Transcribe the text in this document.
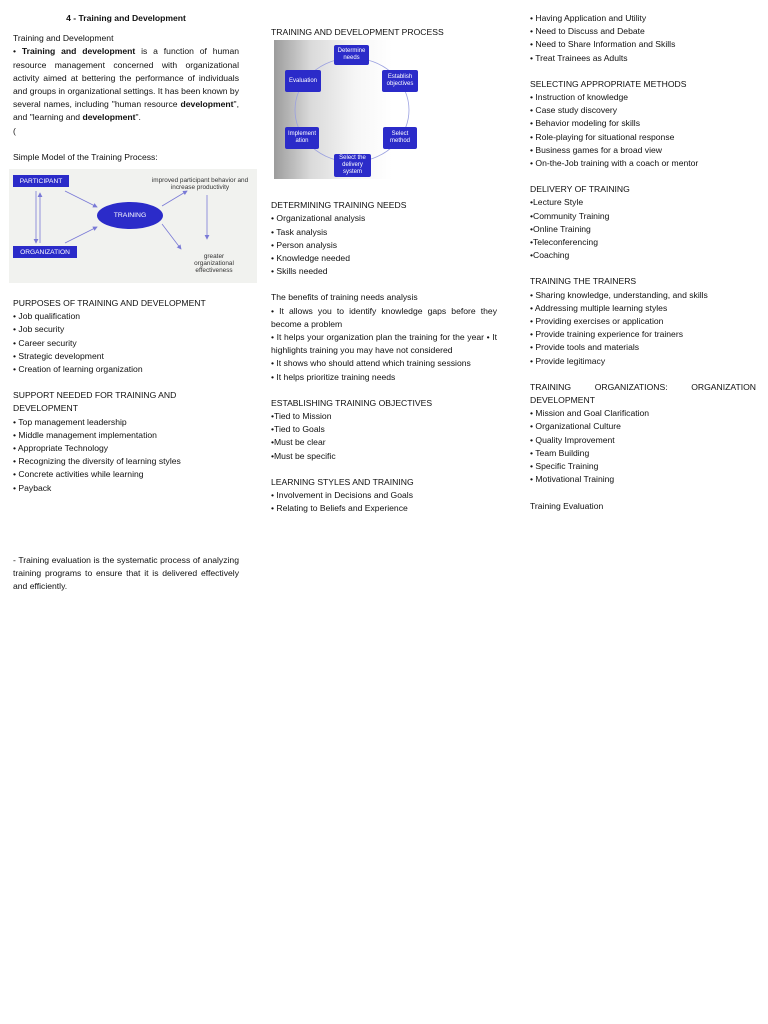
4 - Training and Development

Training and Development

• Training and development is a function of human resource management concerned with organizational activity aimed at bettering the performance of individuals and groups in organizational settings. It has been known by several names, including "human resource development", and "learning and development".

(

Simple Model of the Training Process:

PARTICIPANT
ORGANIZATION
TRAINING
improved participant behavior and increase productivity
greater organizational effectiveness

PURPOSES OF TRAINING AND DEVELOPMENT

• Job qualification
• Job security
• Career security
• Strategic development
• Creation of learning organization

SUPPORT NEEDED FOR TRAINING AND DEVELOPMENT

• Top management leadership
• Middle management implementation
• Appropriate Technology
• Recognizing the diversity of learning styles
• Concrete activities while learning
• Payback

- Training evaluation is the systematic process of analyzing training programs to ensure that it is delivered effectively and efficiently.

TRAINING AND DEVELOPMENT PROCESS

Determine needs
Establish objectives
Select method
Select the delivery system
Implement ation
Evaluation

DETERMINING TRAINING NEEDS

• Organizational analysis
• Task analysis
• Person analysis
• Knowledge needed
• Skills needed

The benefits of training needs analysis

• It allows you to identify knowledge gaps before they become a problem
• It helps your organization plan the training for the year • It highlights training you may have not considered
• It shows who should attend which training sessions
• It helps prioritize training needs

ESTABLISHING TRAINING OBJECTIVES

•Tied to Mission
•Tied to Goals
•Must be clear
•Must be specific

LEARNING STYLES AND TRAINING

• Involvement in Decisions and Goals
• Relating to Beliefs and Experience
• Having Application and Utility
• Need to Discuss and Debate
• Need to Share Information and Skills
• Treat Trainees as Adults

SELECTING APPROPRIATE METHODS

• Instruction of knowledge
• Case study discovery
• Behavior modeling for skills
• Role-playing for situational response
• Business games for a broad view
• On-the-Job training with a coach or mentor

DELIVERY OF TRAINING

•Lecture Style
•Community Training
•Online Training
•Teleconferencing
•Coaching

TRAINING THE TRAINERS

• Sharing knowledge, understanding, and skills
• Addressing multiple learning styles
• Providing exercises or application
• Provide training experience for trainers
• Provide tools and materials
• Provide legitimacy

TRAINING	ORGANIZATIONS:	ORGANIZATION

DEVELOPMENT

• Mission and Goal Clarification
• Organizational Culture
• Quality Improvement
• Team Building
• Specific Training
• Motivational Training

Training Evaluation
